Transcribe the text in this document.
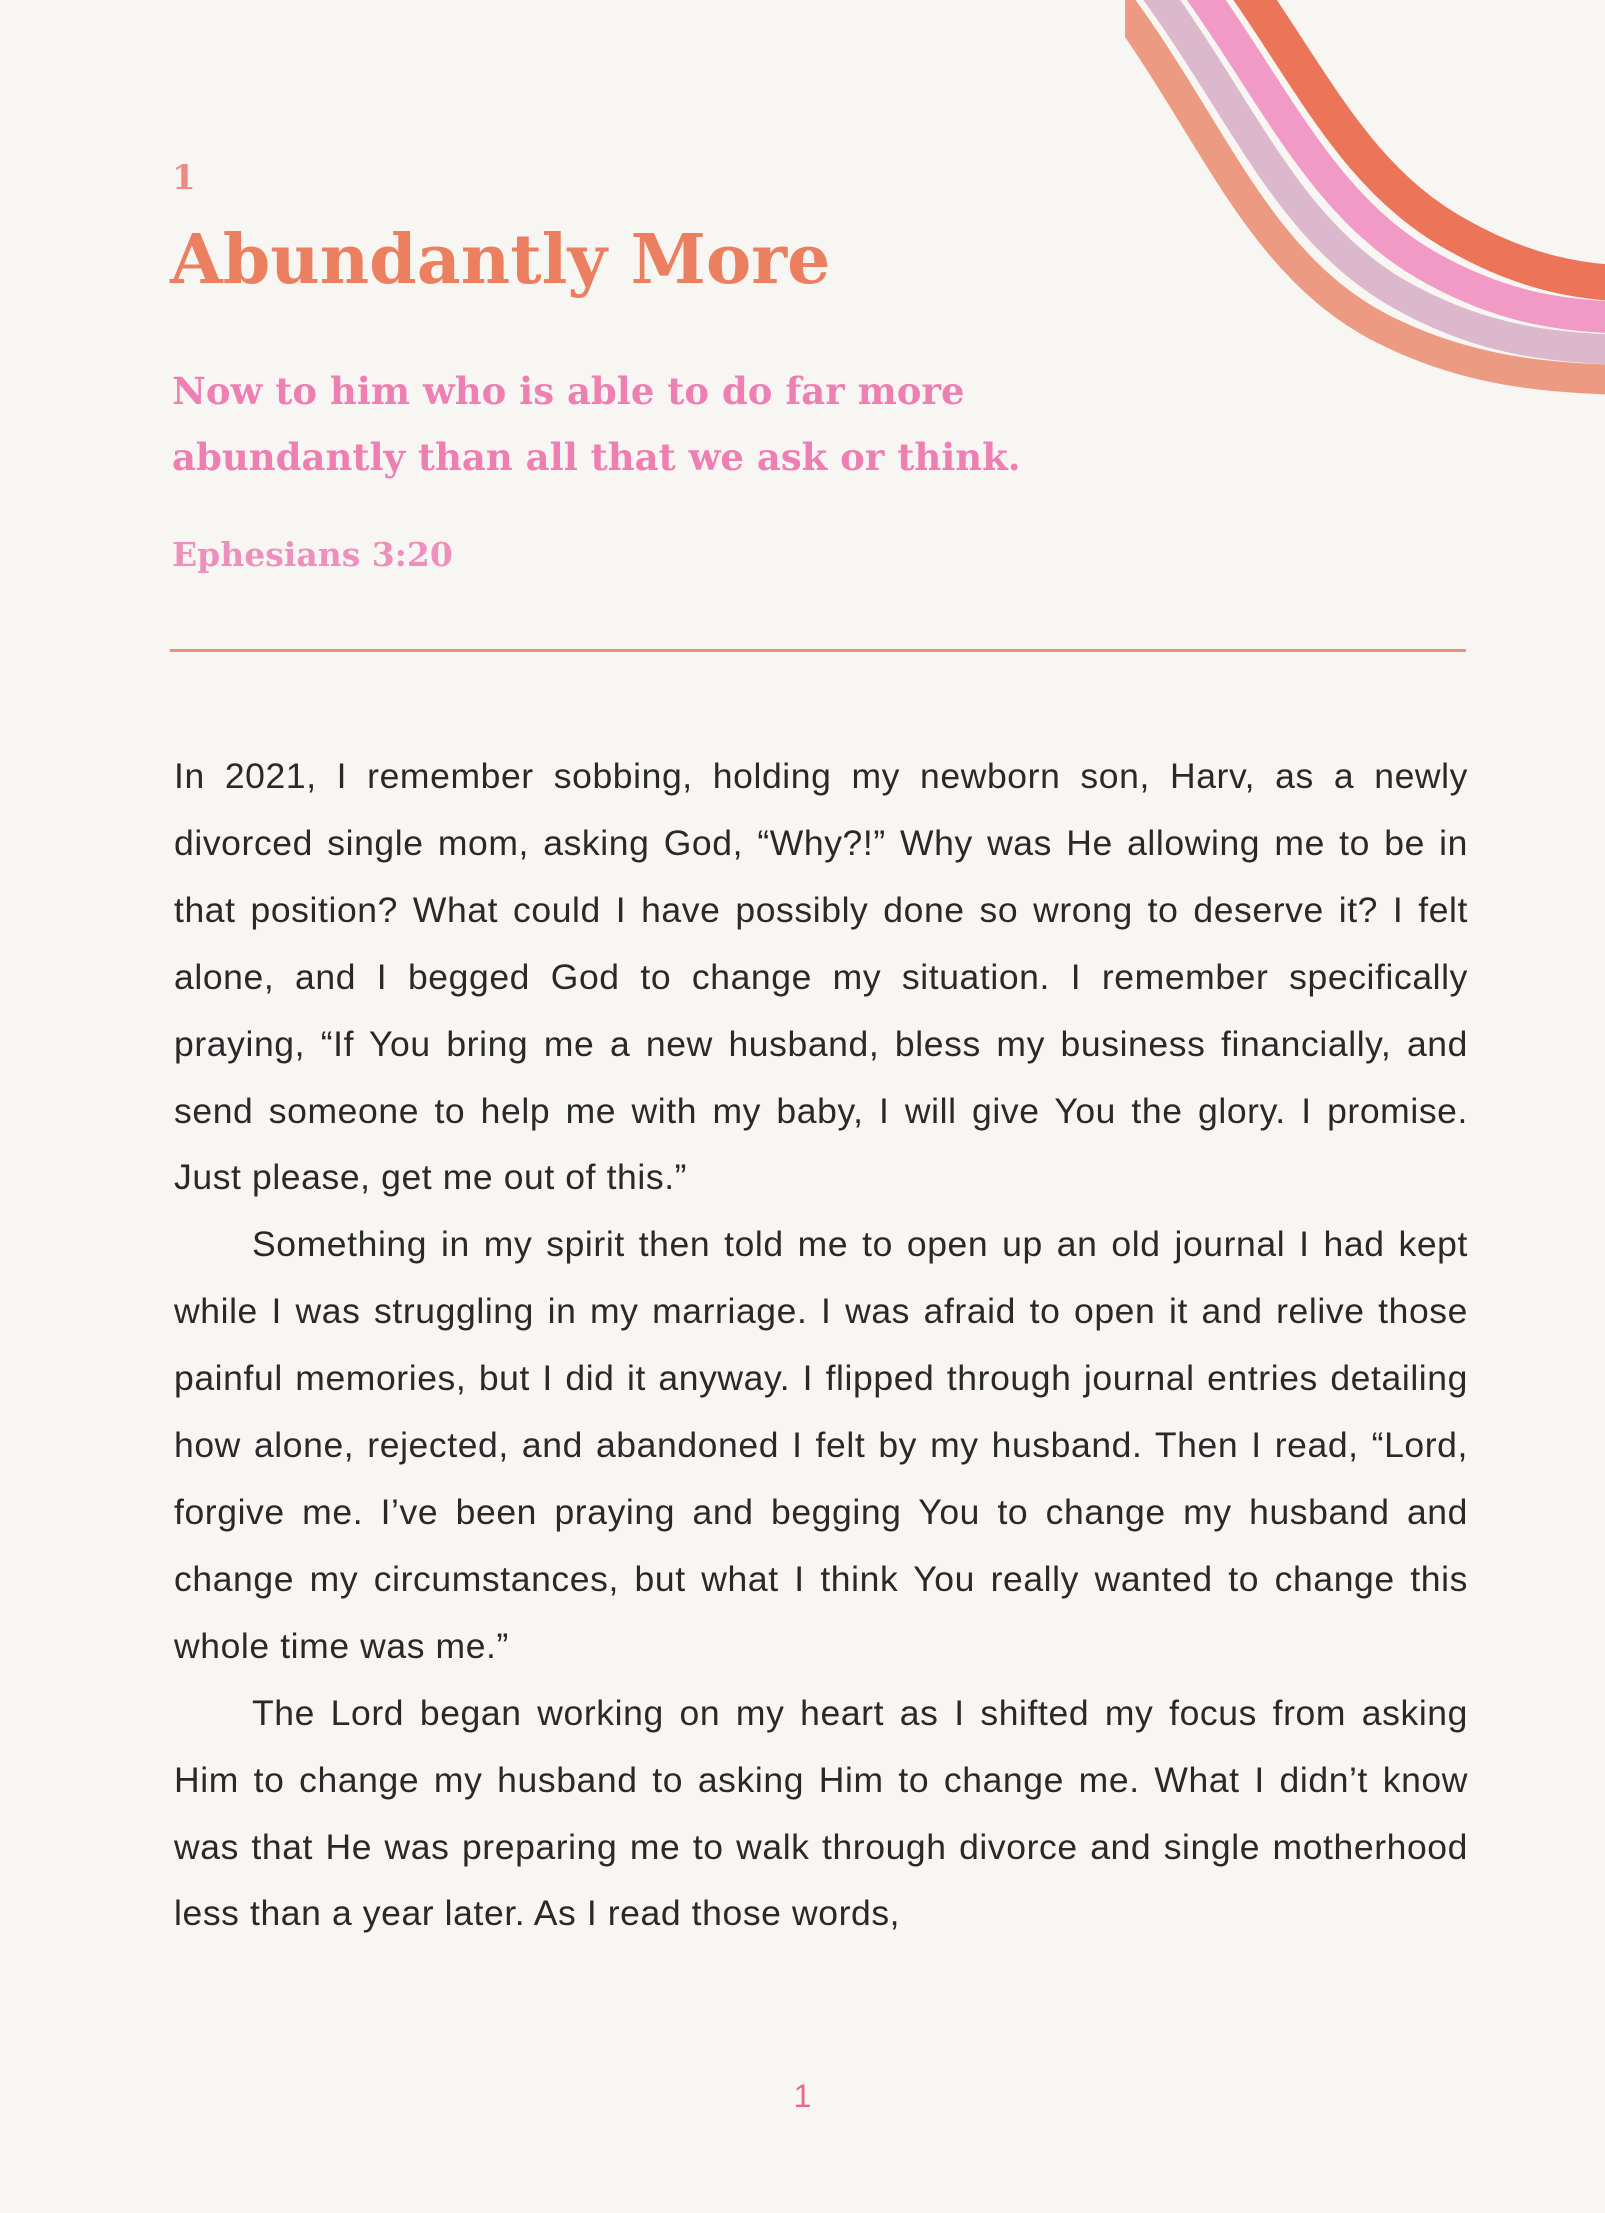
1
Abundantly More
Now to him who is able to do far more abundantly than all that we ask or think.
Ephesians 3:20

In 2021, I remember sobbing, holding my newborn son, Harv, as a newly divorced single mom, asking God, “Why?!” Why was He allowing me to be in that position? What could I have possibly done so wrong to deserve it? I felt alone, and I begged God to change my situation. I remember specifically praying, “If You bring me a new husband, bless my business financially, and send someone to help me with my baby, I will give You the glory. I promise. Just please, get me out of this.”

Something in my spirit then told me to open up an old journal I had kept while I was struggling in my marriage. I was afraid to open it and relive those painful memories, but I did it anyway. I flipped through journal entries detailing how alone, rejected, and abandoned I felt by my husband. Then I read, “Lord, forgive me. I’ve been praying and begging You to change my husband and change my circumstances, but what I think You really wanted to change this whole time was me.”

The Lord began working on my heart as I shifted my focus from asking Him to change my husband to asking Him to change me. What I didn’t know was that He was preparing me to walk through divorce and single motherhood less than a year later. As I read those words,

1
